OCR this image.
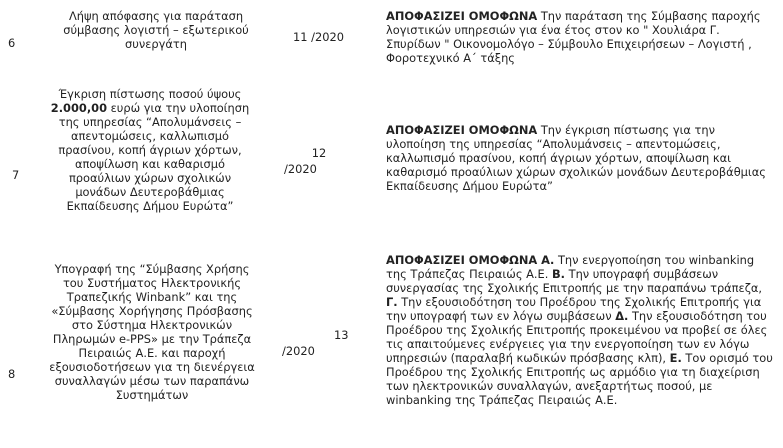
6
Λήψη απόφασης για παράταση σύμβασης λογιστή – εξωτερικού συνεργάτη	11 /2020
ΑΠΟΦΑΣΙΖΕΙ ΟΜΟΦΩΝΑ Την παράταση της Σύμβασης παροχής λογιστικών υπηρεσιών για ένα έτος στον κο " Χουλιάρα Γ. Σπυρίδων " Οικονομολόγο – Σύμβουλο Επιχειρήσεων – Λογιστή , Φοροτεχνικό Α΄ τάξης
7
Έγκριση πίστωσης ποσού ύψους 2.000,00 ευρώ για την υλοποίηση της υπηρεσίας “Απολυμάνσεις – απεντομώσεις, καλλωπισμό πρασίνου, κοπή άγριων χόρτων, αποψίλωση και καθαρισμό προαύλιων χώρων σχολικών μονάδων Δευτεροβάθμιας Εκπαίδευσης Δήμου Ευρώτα”
12
/2020
ΑΠΟΦΑΣΙΖΕΙ ΟΜΟΦΩΝΑ Την έγκριση πίστωσης για την υλοποίηση της υπηρεσίας “Απολυμάνσεις – απεντομώσεις, καλλωπισμό πρασίνου, κοπή άγριων χόρτων, αποψίλωση και καθαρισμό προαύλιων χώρων σχολικών μονάδων Δευτεροβάθμιας Εκπαίδευσης Δήμου Ευρώτα”
8
Υπογραφή της “Σύμβασης Χρήσης του Συστήματος Ηλεκτρονικής Τραπεζικής Winbank” και της «Σύμβασης Χορήγησης Πρόσβασης στο Σύστημα Ηλεκτρονικών Πληρωμών e-PPS» με την Τράπεζα Πειραιώς Α.Ε. και παροχή εξουσιοδοτήσεων για τη διενέργεια συναλλαγών μέσω των παραπάνω Συστημάτων
13
/2020
ΑΠΟΦΑΣΙΖΕΙ ΟΜΟΦΩΝΑ Α. Την ενεργοποίηση του winbanking της Τράπεζας Πειραιώς Α.Ε. Β. Την υπογραφή συμβάσεων συνεργασίας της Σχολικής Επιτροπής με την παραπάνω τράπεζα, Γ. Την εξουσιοδότηση του Προέδρου της Σχολικής Επιτροπής για την υπογραφή των εν λόγω συμβάσεων Δ. Την εξουσιοδότηση του Προέδρου της Σχολικής Επιτροπής προκειμένου να προβεί σε όλες τις απαιτούμενες ενέργειες για την ενεργοποίηση των εν λόγω υπηρεσιών (παραλαβή κωδικών πρόσβασης κλπ), Ε. Τον ορισμό του Προέδρου της Σχολικής Επιτροπής ως αρμόδιο για τη διαχείριση των ηλεκτρονικών συναλλαγών, ανεξαρτήτως ποσού, με winbanking της Τράπεζας Πειραιώς Α.Ε.
